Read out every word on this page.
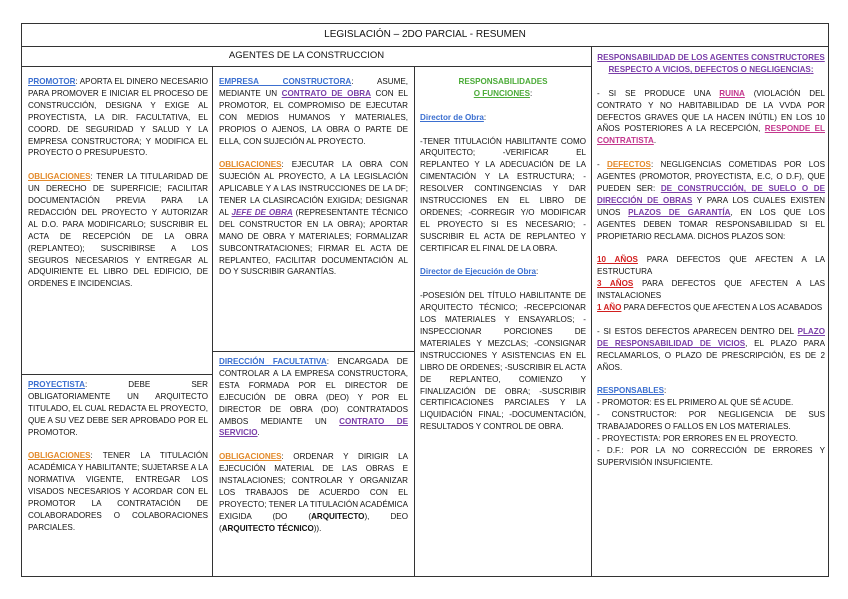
LEGISLACIÓN – 2DO PARCIAL - RESUMEN
AGENTES DE LA CONSTRUCCION

PROMOTOR: APORTA EL DINERO NECESARIO PARA PROMOVER E INICIAR EL PROCESO DE CONSTRUCCIÓN, DESIGNA Y EXIGE AL PROYECTISTA, LA DIR. FACULTATIVA, EL COORD. DE SEGURIDAD Y SALUD Y LA EMPRESA CONSTRUCTORA; Y MODIFICA EL PROYECTO O PRESUPUESTO.

OBLIGACIONES: TENER LA TITULARIDAD DE UN DERECHO DE SUPERFICIE; FACILITAR DOCUMENTACIÓN PREVIA PARA LA REDACCIÓN DEL PROYECTO Y AUTORIZAR AL D.O. PARA MODIFICARLO; SUSCRIBIR EL ACTA DE RECEPCIÓN DE LA OBRA (REPLANTEO); SUSCRIBIRSE A LOS SEGUROS NECESARIOS Y ENTREGAR AL ADQUIRIENTE EL LIBRO DEL EDIFICIO, DE ORDENES E INCIDENCIAS.

PROYECTISTA: DEBE SER OBLIGATORIAMENTE UN ARQUITECTO TITULADO, EL CUAL REDACTA EL PROYECTO, QUE A SU VEZ DEBE SER APROBADO POR EL PROMOTOR.

OBLIGACIONES: TENER LA TITULACIÓN ACADÉMICA Y HABILITANTE; SUJETARSE A LA NORMATIVA VIGENTE, ENTREGAR LOS VISADOS NECESARIOS Y ACORDAR CON EL PROMOTOR LA CONTRATACIÓN DE COLABORADORES O COLABORACIONES PARCIALES.

EMPRESA CONSTRUCTORA: ASUME, MEDIANTE UN CONTRATO DE OBRA CON EL PROMOTOR, EL COMPROMISO DE EJECUTAR CON MEDIOS HUMANOS Y MATERIALES, PROPIOS O AJENOS, LA OBRA O PARTE DE ELLA, CON SUJECIÓN AL PROYECTO.

OBLIGACIONES: EJECUTAR LA OBRA CON SUJECIÓN AL PROYECTO, A LA LEGISLACIÓN APLICABLE Y A LAS INSTRUCCIONES DE LA DF; TENER LA CLASIRCACIÓN EXIGIDA; DESIGNAR AL JEFE DE OBRA (REPRESENTANTE TÉCNICO DEL CONSTRUCTOR EN LA OBRA); APORTAR MANO DE OBRA Y MATERIALES; FORMALIZAR SUBCONTRATACIONES; FIRMAR EL ACTA DE REPLANTEO, FACILITAR DOCUMENTACIÓN AL DO Y SUSCRIBIR GARANTÍAS.

DIRECCIÓN FACULTATIVA: ENCARGADA DE CONTROLAR A LA EMPRESA CONSTRUCTORA, ESTA FORMADA POR EL DIRECTOR DE EJECUCIÓN DE OBRA (DEO) Y POR EL DIRECTOR DE OBRA (DO) CONTRATADOS AMBOS MEDIANTE UN CONTRATO DE SERVICIO.

OBLIGACIONES: ORDENAR Y DIRIGIR LA EJECUCIÓN MATERIAL DE LAS OBRAS E INSTALACIONES; CONTROLAR Y ORGANIZAR LOS TRABAJOS DE ACUERDO CON EL PROYECTO; TENER LA TITULACIÓN ACADÉMICA EXIGIDA (DO (ARQUITECTO), DEO (ARQUITECTO TÉCNICO)).

RESPONSABILIDADES

O FUNCIONES:

Director de Obra:

-TENER TITULACIÓN HABILITANTE COMO ARQUITECTO; -VERIFICAR EL REPLANTEO Y LA ADECUACIÓN DE LA CIMENTACIÓN Y LA ESTRUCTURA; -RESOLVER CONTINGENCIAS Y DAR INSTRUCCIONES EN EL LIBRO DE ORDENES; -CORREGIR Y/O MODIFICAR EL PROYECTO SI ES NECESARIO; -SUSCRIBIR EL ACTA DE REPLANTEO Y CERTIFICAR EL FINAL DE LA OBRA.

Director de Ejecución de Obra:

-POSESIÓN DEL TÍTULO HABILITANTE DE ARQUITECTO TÉCNICO; -RECEPCIONAR LOS MATERIALES Y ENSAYARLOS; -INSPECCIONAR PORCIONES DE MATERIALES Y MEZCLAS; -CONSIGNAR INSTRUCCIONES Y ASISTENCIAS EN EL LIBRO DE ORDENES; -SUSCRIBIR EL ACTA DE REPLANTEO, COMIENZO Y FINALIZACIÓN DE OBRA; -SUSCRIBIR CERTIFICACIONES PARCIALES Y LA LIQUIDACIÓN FINAL; -DOCUMENTACIÓN, RESULTADOS Y CONTROL DE OBRA.

RESPONSABILIDAD DE LOS AGENTES CONSTRUCTORES RESPECTO A VICIOS, DEFECTOS O NEGLIGENCIAS:

- SI SE PRODUCE UNA RUINA (VIOLACIÓN DEL CONTRATO Y NO HABITABILIDAD DE LA VVDA POR DEFECTOS GRAVES QUE LA HACEN INÚTIL) EN LOS 10 AÑOS POSTERIORES A LA RECEPCIÓN, RESPONDE EL CONTRATISTA.

- DEFECTOS: NEGLIGENCIAS COMETIDAS POR LOS AGENTES (PROMOTOR, PROYECTISTA, E.C, O D.F), QUE PUEDEN SER: DE CONSTRUCCIÓN, DE SUELO O DE DIRECCIÓN DE OBRAS Y PARA LOS CUALES EXISTEN UNOS PLAZOS DE GARANTÍA, EN LOS QUE LOS AGENTES DEBEN TOMAR RESPONSABILIDAD SI EL PROPIETARIO RECLAMA. DICHOS PLAZOS SON:

10 AÑOS PARA DEFECTOS QUE AFECTEN A LA ESTRUCTURA

3 AÑOS PARA DEFECTOS QUE AFECTEN A LAS INSTALACIONES

1 AÑO PARA DEFECTOS QUE AFECTEN A LOS ACABADOS

- SI ESTOS DEFECTOS APARECEN DENTRO DEL PLAZO DE RESPONSABILIDAD DE VICIOS, EL PLAZO PARA RECLAMARLOS, O PLAZO DE PRESCRIPCIÓN, ES DE 2 AÑOS.

RESPONSABLES:

- PROMOTOR: ES EL PRIMERO AL QUE SÉ ACUDE.

- CONSTRUCTOR: POR NEGLIGENCIA DE SUS TRABAJADORES O FALLOS EN LOS MATERIALES.

- PROYECTISTA: POR ERRORES EN EL PROYECTO.

- D.F.: POR LA NO CORRECCIÓN DE ERRORES Y SUPERVISIÓN INSUFICIENTE.
